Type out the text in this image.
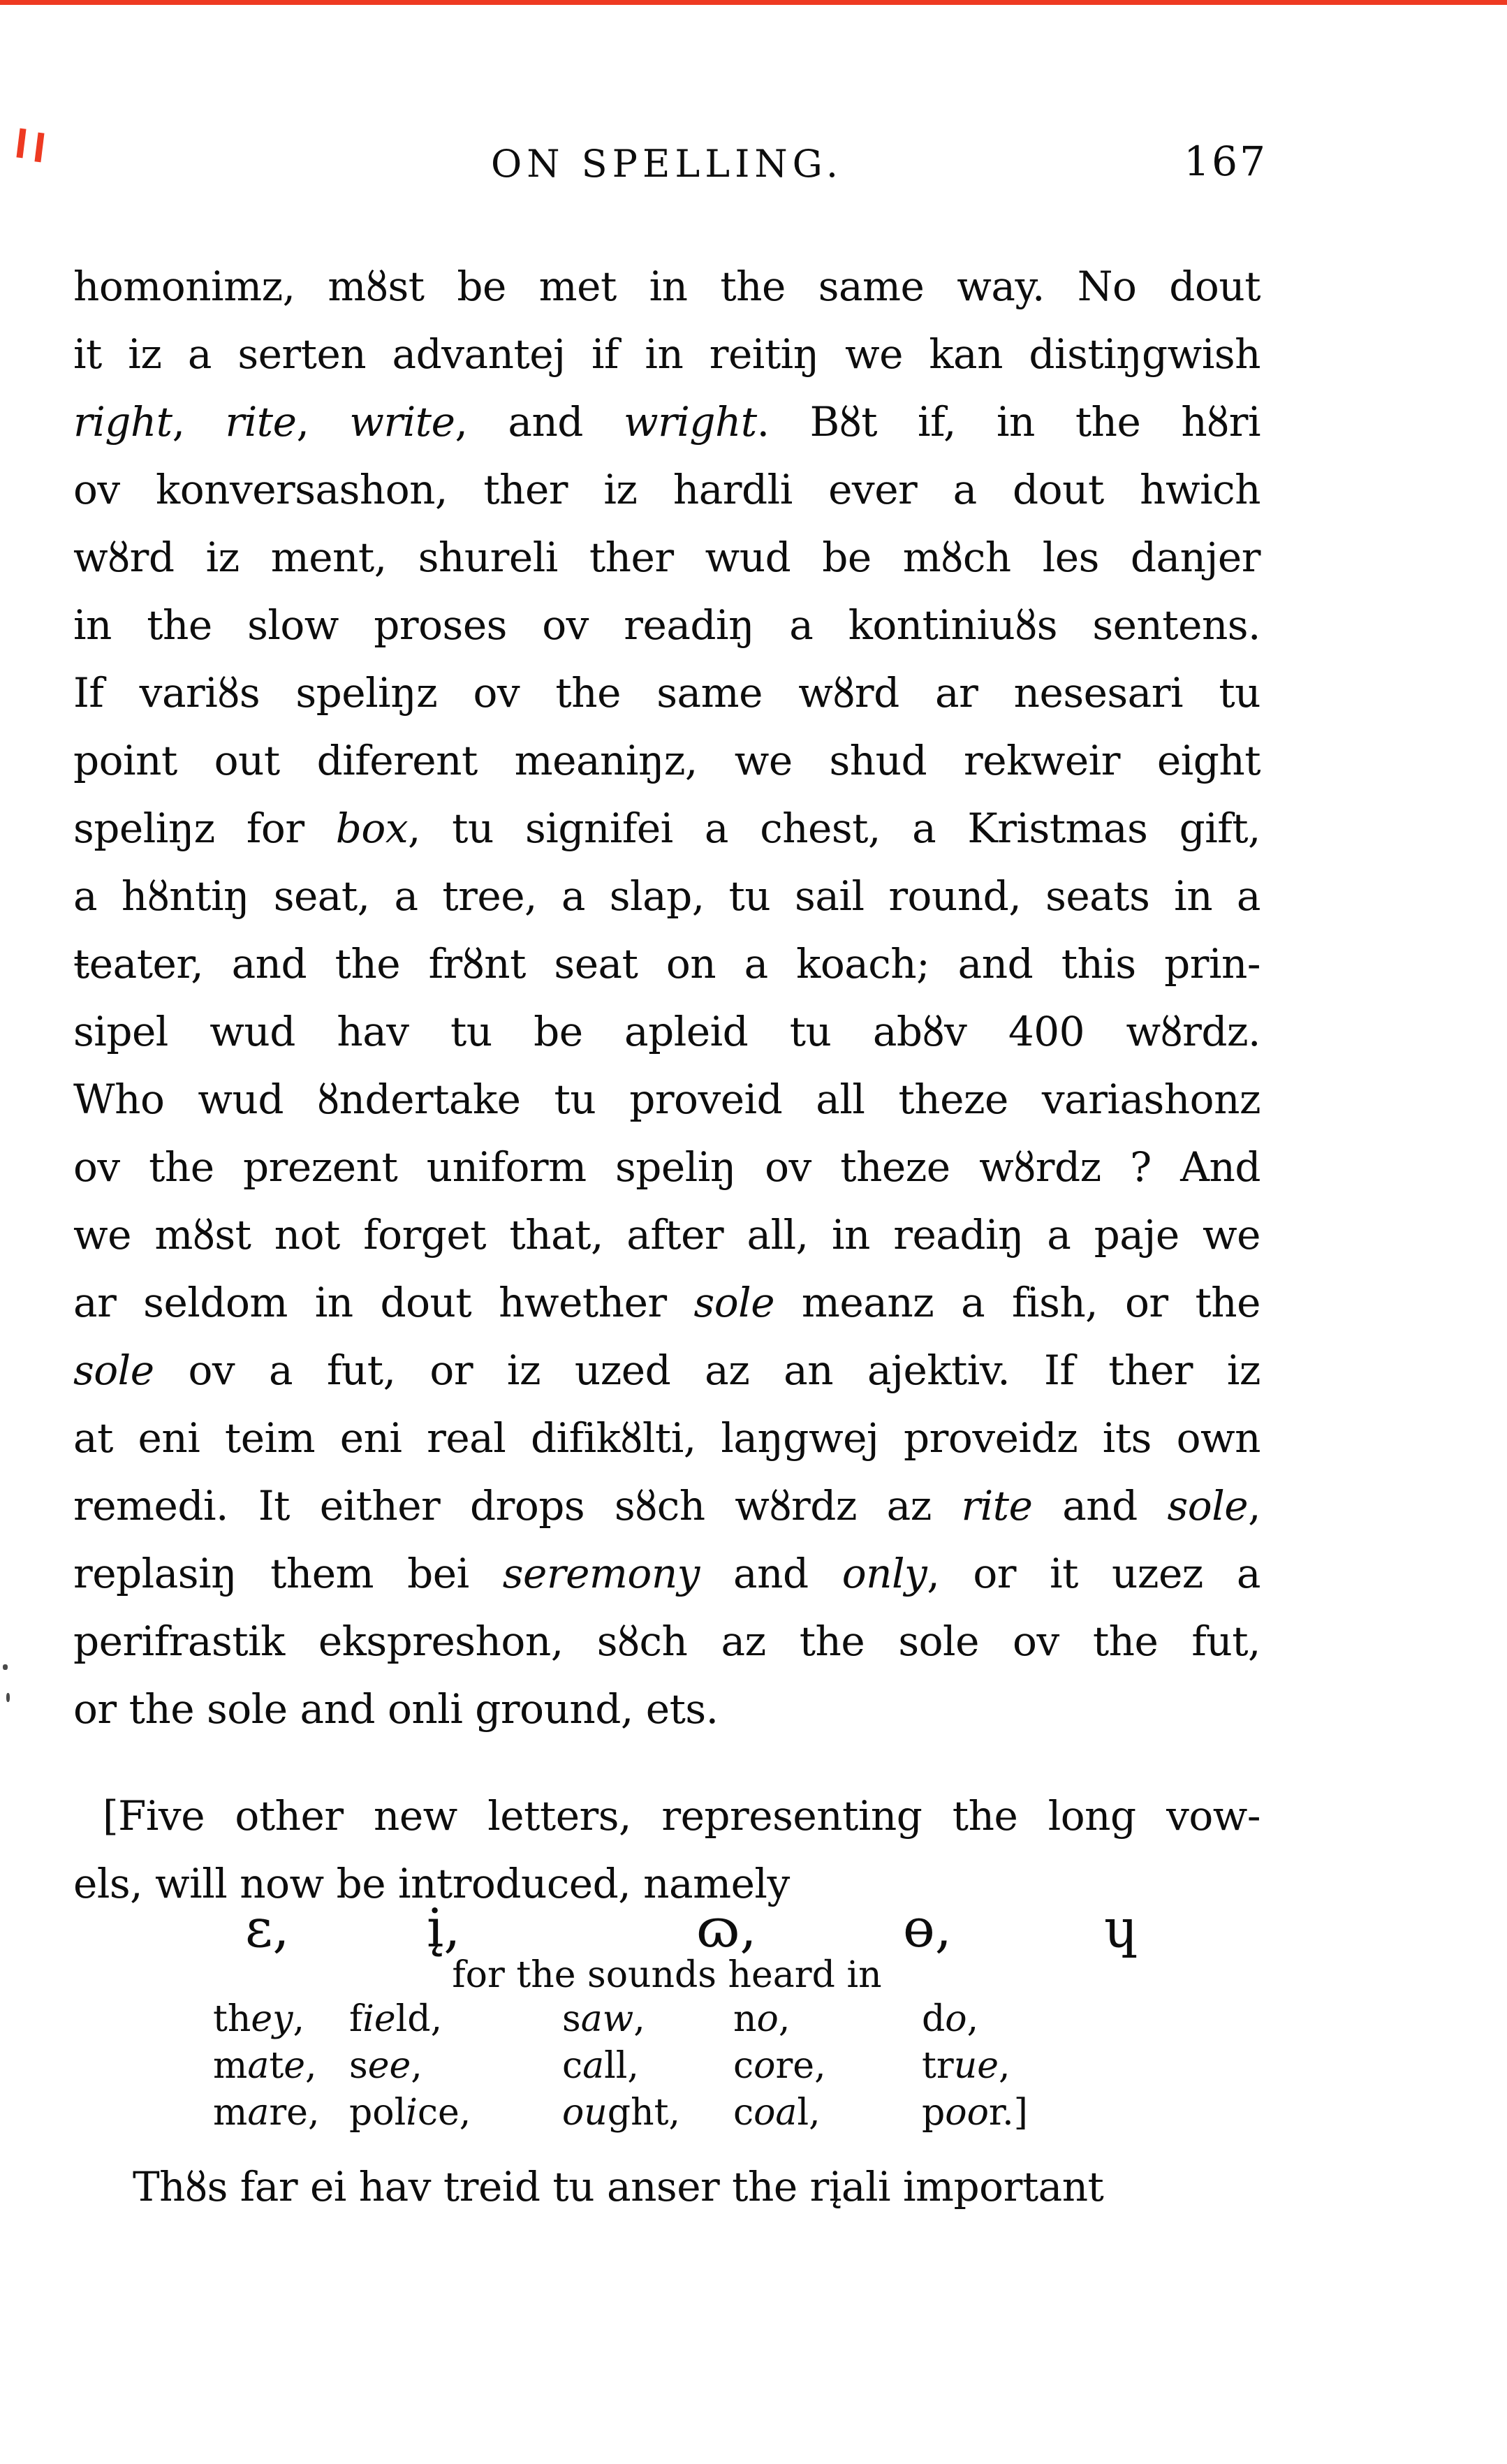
ON SPELLING.	167
homonimz, mȣst be met in the same way. No dout
it iz a serten advantej if in reitiŋ we kan distiŋgwish
right, rite, write, and wright. Bȣt if, in the hȣri
ov konversashon, ther iz hardli ever a dout hwich
wȣrd iz ment, shureli ther wud be mȣch les danjer
in the slow proses ov readiŋ a kontiniuȣs sentens.
If variȣs speliŋz ov the same wȣrd ar nesesari tu
point out diferent meaniŋz, we shud rekweir eight
speliŋz for box, tu signifei a chest, a Kristmas gift,
a hȣntiŋ seat, a tree, a slap, tu sail round, seats in a
ŧeater, and the frȣnt seat on a koach; and this prin-
sipel wud hav tu be apleid tu abȣv 400 wȣrdz.
Who wud ȣndertake tu proveid all theze variashonz
ov the prezent uniform speliŋ ov theze wȣrdz ? And
we mȣst not forget that, after all, in readiŋ a paje we
ar seldom in dout hwether sole meanz a fish, or the
sole ov a fut, or iz uzed az an ajektiv. If ther iz
at eni teim eni real difikȣlti, laŋgwej proveidz its own
remedi. It either drops sȣch wȣrdz az rite and sole,
replasiŋ them bei seremony and only, or it uzez a
perifrastik ekspreshon, sȣch az the sole ov the fut,
or the sole and onli ground, ets.
[Five other new letters, representing the long vow-
els, will now be introduced, namely
ε,	į,	ɷ,	ɵ,	ɥ
for the sounds heard in
they,	field,	saw,	no,	do,
mate, see,	call,	core,	true,
mare, police,	ought,	coal,	poor.]
Thȣs far ei hav treid tu anser the rįali important
